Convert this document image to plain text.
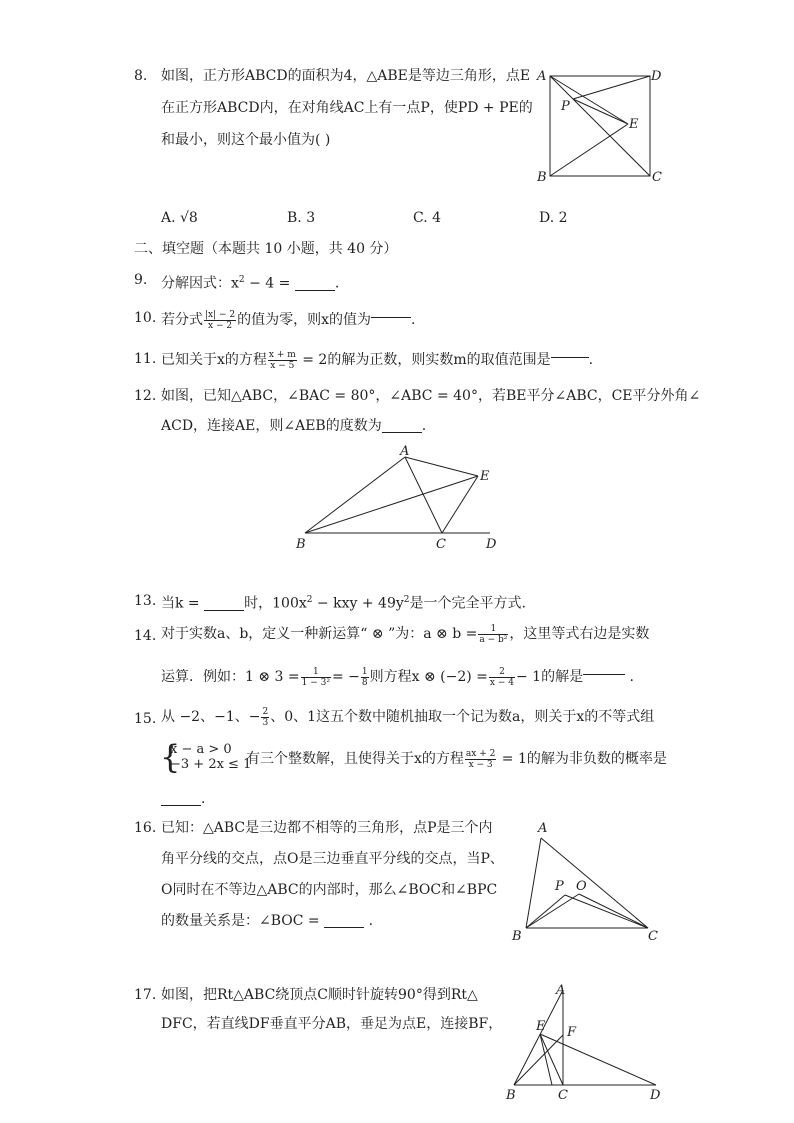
8. 如图，正方形ABCD的面积为4，△ABE是等边三角形，点E
在正方形ABCD内，在对角线AC上有一点P，使PD + PE的
和最小，则这个最小值为( )
A	D
B	C
P
E
A. √8	B. 3	C. 4	D. 2
二、填空题（本题共 10 小题，共 40 分）
9. 分解因式：$x^2 - 4$ =	.
10. 若分式 $\frac{|x| - 2}{x - 2}$ 的值为零，则x的值为	.
11. 已知关于x的方程 $\frac{x + m}{x - 5} = 2$的解为正数，则实数m的取值范围是	.
12. 如图，已知△ABC，∠BAC = 80°，∠ABC = 40°，若BE平分∠ABC，CE平分外角∠
ACD，连接AE，则∠AEB的度数为	.
A
E
B	C	D
13. 当k =	时，$100x^2$ − kxy + $49y^2$是一个完全平方式.
14. 对于实数a、b，定义一种新运算“ ⊗ ”为：a ⊗ $b = \frac{1}{\text{a − b²}}$ ，这里等式右边是实数
运算．例如：1 ⊗ $3 = \frac{1}{\text{1 − 3²}}$ = − $\frac{1}{8}$ 则方程x ⊗ $(-2) = \frac{2}{x - 4} - 1$的解是	.
15. 从 −2、−1、− $\frac{2}{3}$ 、0、1这五个数中随机抽取一个记为数a，则关于x的不等式组
{
x − a > 0
−3 + 2x ≤ 1
有三个整数解，且使得关于x的方程 $\frac{ax + 2}{x - 3} = 1$的解为非负数的概率是
.
16. 已知：△ABC是三边都不相等的三角形，点P是三个内
角平分线的交点，点O是三边垂直平分线的交点，当P、
O同时在不等边△ABC的内部时，那么∠BOC和∠BPC
的数量关系是：∠BOC =	.
A
P O
B	C
17. 如图，把Rt△ABC绕顶点C顺时针旋转90°得到Rt△
DFC，若直线DF垂直平分AB，垂足为点E，连接BF，
A
E F
B	C	D
